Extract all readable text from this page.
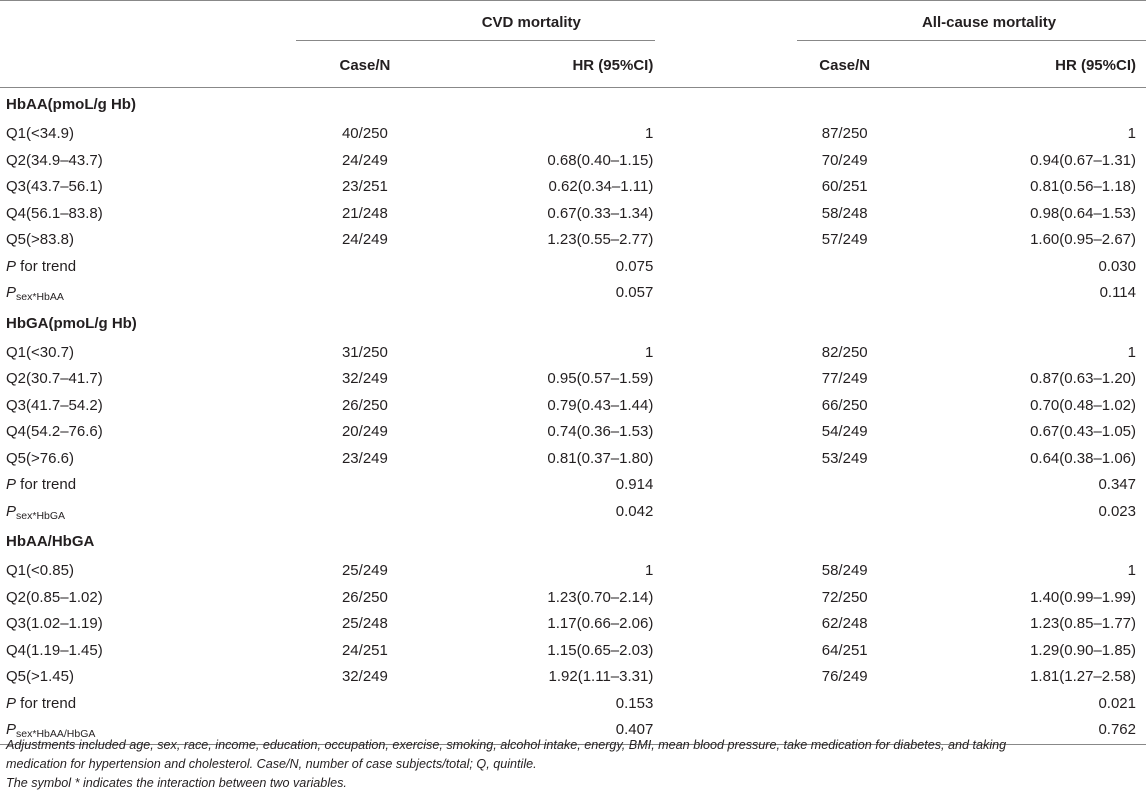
	CVD mortality			All-cause mortality	
	Case/N	HR (95%CI)		Case/N	HR (95%CI)
HbAA(pmoL/g Hb)					
Q1(<34.9)	40/250	1		87/250	1
Q2(34.9–43.7)	24/249	0.68(0.40–1.15)		70/249	0.94(0.67–1.31)
Q3(43.7–56.1)	23/251	0.62(0.34–1.11)		60/251	0.81(0.56–1.18)
Q4(56.1–83.8)	21/248	0.67(0.33–1.34)		58/248	0.98(0.64–1.53)
Q5(>83.8)	24/249	1.23(0.55–2.77)		57/249	1.60(0.95–2.67)
P for trend		0.075			0.030
$P_{sex*HbAA}$		0.057			0.114
HbGA(pmoL/g Hb)					
Q1(<30.7)	31/250	1		82/250	1
Q2(30.7–41.7)	32/249	0.95(0.57–1.59)		77/249	0.87(0.63–1.20)
Q3(41.7–54.2)	26/250	0.79(0.43–1.44)		66/250	0.70(0.48–1.02)
Q4(54.2–76.6)	20/249	0.74(0.36–1.53)		54/249	0.67(0.43–1.05)
Q5(>76.6)	23/249	0.81(0.37–1.80)		53/249	0.64(0.38–1.06)
P for trend		0.914			0.347
$P_{sex*HbGA}$		0.042			0.023
HbAA/HbGA					
Q1(<0.85)	25/249	1		58/249	1
Q2(0.85–1.02)	26/250	1.23(0.70–2.14)		72/250	1.40(0.99–1.99)
Q3(1.02–1.19)	25/248	1.17(0.66–2.06)		62/248	1.23(0.85–1.77)
Q4(1.19–1.45)	24/251	1.15(0.65–2.03)		64/251	1.29(0.90–1.85)
Q5(>1.45)	32/249	1.92(1.11–3.31)		76/249	1.81(1.27–2.58)
P for trend		0.153			0.021
$P_{sex*HbAA/HbGA}$		0.407			0.762
Adjustments included age, sex, race, income, education, occupation, exercise, smoking, alcohol intake, energy, BMI, mean blood pressure, take medication for diabetes, and taking
medication for hypertension and cholesterol. Case/N, number of case subjects/total; Q, quintile.
The symbol * indicates the interaction between two variables.
